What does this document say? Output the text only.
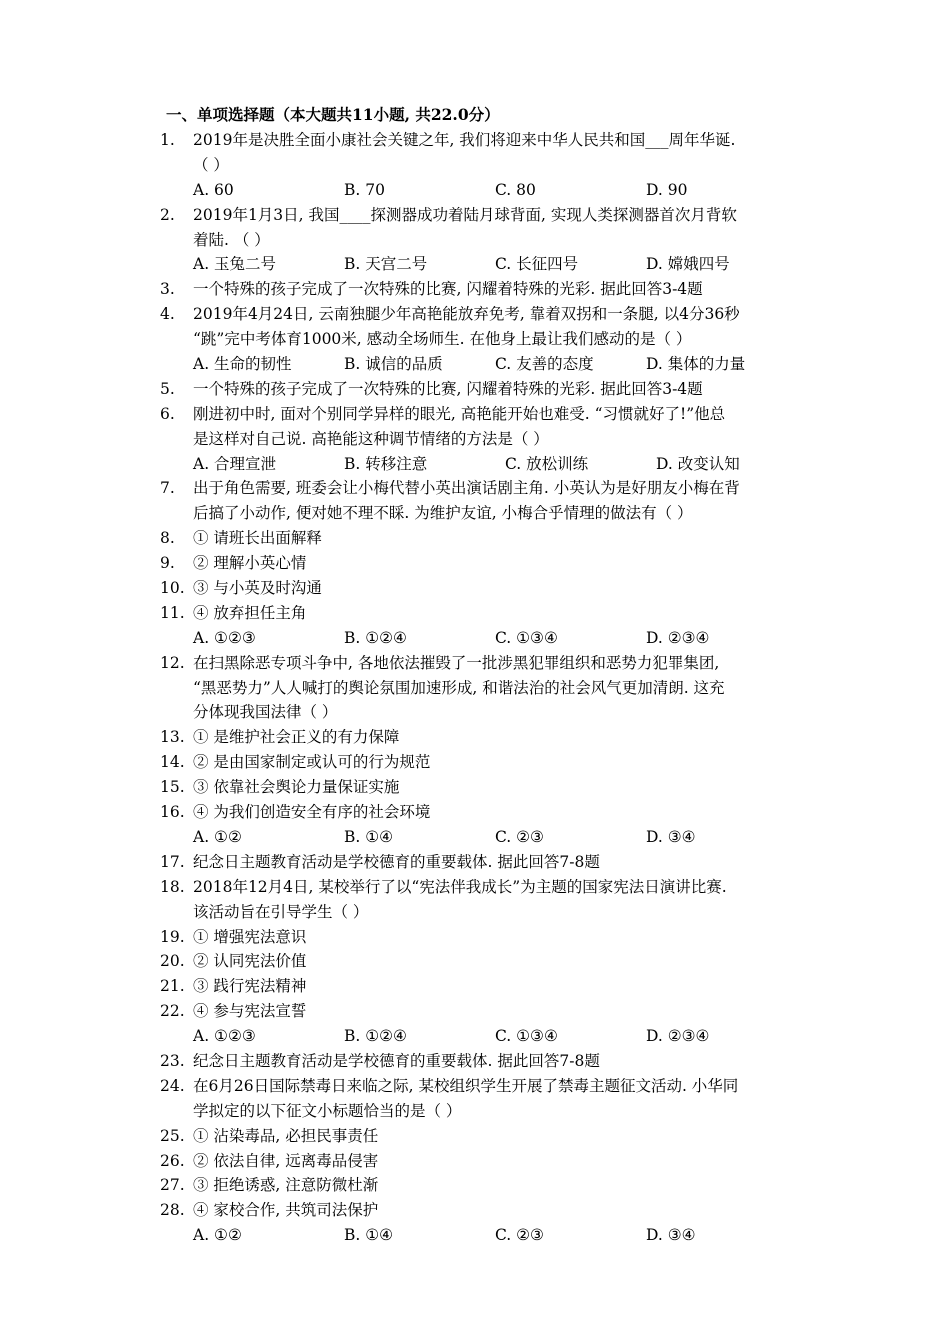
一、单项选择题（本大题共11小题, 共22.0分）
1.	2019年是决胜全面小康社会关键之年, 我们将迎来中华人民共和国___周年华诞.
（ ）
A. 60	B. 70	C. 80	D. 90
2.	2019年1月3日, 我国____探测器成功着陆月球背面, 实现人类探测器首次月背软
着陆. （ ）
A. 玉兔二号	B. 天宫二号	C. 长征四号	D. 嫦娥四号
3.	一个特殊的孩子完成了一次特殊的比赛, 闪耀着特殊的光彩. 据此回答3-4题
4.	2019年4月24日, 云南独腿少年高艳能放弃免考, 靠着双拐和一条腿, 以4分36秒
“跳”完中考体育1000米, 感动全场师生. 在他身上最让我们感动的是（ ）
A. 生命的韧性	B. 诚信的品质	C. 友善的态度	D. 集体的力量
5.	一个特殊的孩子完成了一次特殊的比赛, 闪耀着特殊的光彩. 据此回答3-4题
6.	刚进初中时, 面对个别同学异样的眼光, 高艳能开始也难受. “习惯就好了!”他总
是这样对自己说. 高艳能这种调节情绪的方法是（ ）
A. 合理宣泄	B. 转移注意	C. 放松训练	D. 改变认知
7.	出于角色需要, 班委会让小梅代替小英出演话剧主角. 小英认为是好朋友小梅在背
后搞了小动作, 便对她不理不睬. 为维护友谊, 小梅合乎情理的做法有（ ）
8.	① 请班长出面解释
9.	② 理解小英心情
10. ③ 与小英及时沟通
11. ④ 放弃担任主角
A. ①②③	B. ①②④	C. ①③④	D. ②③④
12. 在扫黑除恶专项斗争中, 各地依法摧毁了一批涉黑犯罪组织和恶势力犯罪集团,
“黑恶势力”人人喊打的舆论氛围加速形成, 和谐法治的社会风气更加清朗. 这充
分体现我国法律（ ）
13. ① 是维护社会正义的有力保障
14. ② 是由国家制定或认可的行为规范
15. ③ 依靠社会舆论力量保证实施
16. ④ 为我们创造安全有序的社会环境
A. ①②	B. ①④	C. ②③	D. ③④
17. 纪念日主题教育活动是学校德育的重要载体. 据此回答7-8题
18. 2018年12月4日, 某校举行了以“宪法伴我成长”为主题的国家宪法日演讲比赛.
该活动旨在引导学生（ ）
19. ① 增强宪法意识
20. ② 认同宪法价值
21. ③ 践行宪法精神
22. ④ 参与宪法宣誓
A. ①②③	B. ①②④	C. ①③④	D. ②③④
23. 纪念日主题教育活动是学校德育的重要载体. 据此回答7-8题
24. 在6月26日国际禁毒日来临之际, 某校组织学生开展了禁毒主题征文活动. 小华同
学拟定的以下征文小标题恰当的是（ ）
25. ① 沾染毒品, 必担民事责任
26. ② 依法自律, 远离毒品侵害
27. ③ 拒绝诱惑, 注意防微杜渐
28. ④ 家校合作, 共筑司法保护
A. ①②	B. ①④	C. ②③	D. ③④
